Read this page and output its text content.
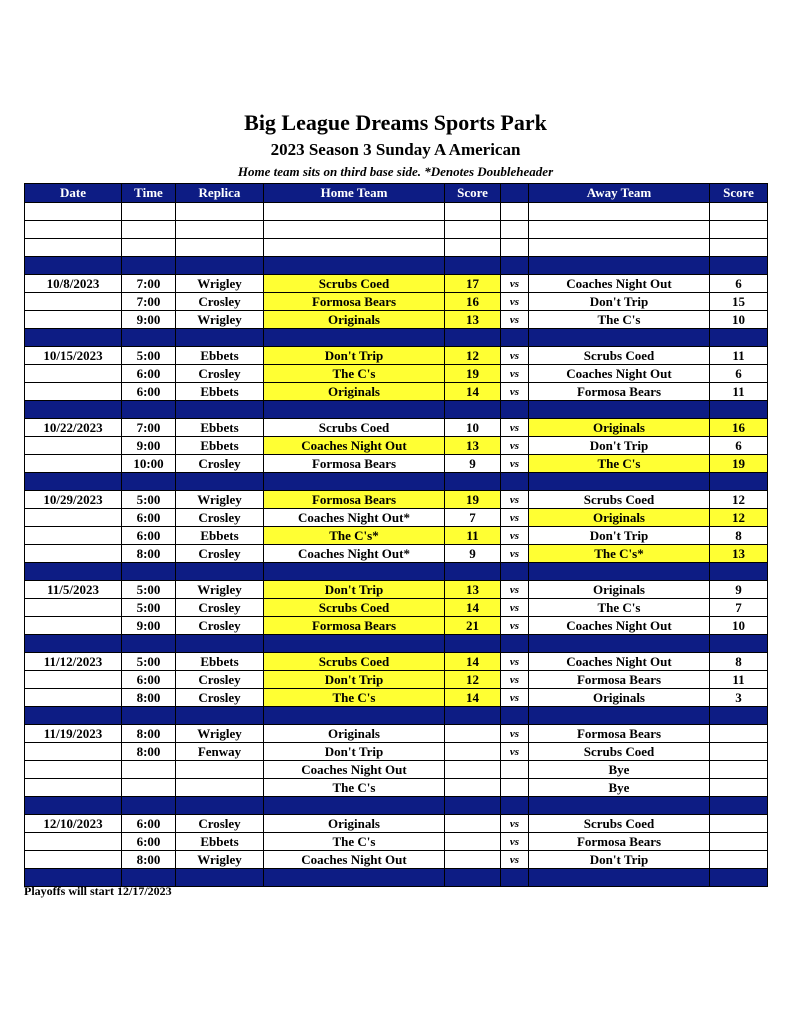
Big League Dreams Sports Park
2023 Season 3 Sunday A American
Home team sits on third base side. *Denotes Doubleheader
Date	Time	Replica	Home Team	Score		Away Team	Score

10/8/2023	7:00	Wrigley	Scrubs Coed	17	vs	Coaches Night Out	6
	7:00	Crosley	Formosa Bears	16	vs	Don't Trip	15
	9:00	Wrigley	Originals	13	vs	The C's	10

10/15/2023	5:00	Ebbets	Don't Trip	12	vs	Scrubs Coed	11
	6:00	Crosley	The C's	19	vs	Coaches Night Out	6
	6:00	Ebbets	Originals	14	vs	Formosa Bears	11

10/22/2023	7:00	Ebbets	Scrubs Coed	10	vs	Originals	16
	9:00	Ebbets	Coaches Night Out	13	vs	Don't Trip	6
	10:00	Crosley	Formosa Bears	9	vs	The C's	19

10/29/2023	5:00	Wrigley	Formosa Bears	19	vs	Scrubs Coed	12
	6:00	Crosley	Coaches Night Out*	7	vs	Originals	12
	6:00	Ebbets	The C's*	11	vs	Don't Trip	8
	8:00	Crosley	Coaches Night Out*	9	vs	The C's*	13

11/5/2023	5:00	Wrigley	Don't Trip	13	vs	Originals	9
	5:00	Crosley	Scrubs Coed	14	vs	The C's	7
	9:00	Crosley	Formosa Bears	21	vs	Coaches Night Out	10

11/12/2023	5:00	Ebbets	Scrubs Coed	14	vs	Coaches Night Out	8
	6:00	Crosley	Don't Trip	12	vs	Formosa Bears	11
	8:00	Crosley	The C's	14	vs	Originals	3

11/19/2023	8:00	Wrigley	Originals		vs	Formosa Bears	
	8:00	Fenway	Don't Trip		vs	Scrubs Coed	
			Coaches Night Out			Bye	
			The C's			Bye	

12/10/2023	6:00	Crosley	Originals		vs	Scrubs Coed	
	6:00	Ebbets	The C's		vs	Formosa Bears	
	8:00	Wrigley	Coaches Night Out		vs	Don't Trip	

Playoffs will start 12/17/2023
